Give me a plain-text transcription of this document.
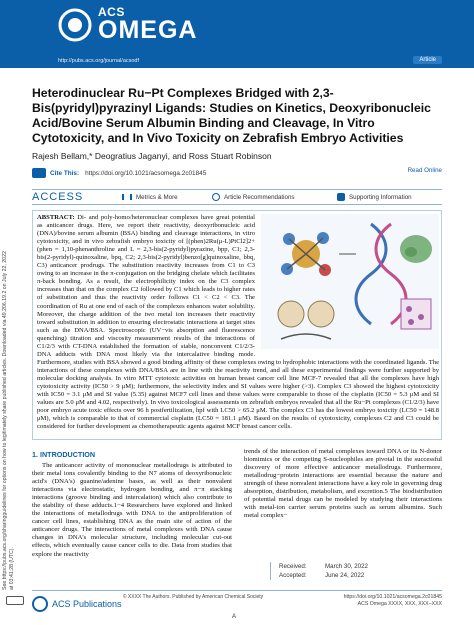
ACS
OMEGA
http://pubs.acs.org/journal/acsodf	Article
See https://pubs.acs.org/sharingguidelines for options on how to legitimately share published articles. Downloaded via 49.206.19.2 on July 22, 2022 at 03:41:28 (UTC).
Heterodinuclear Ru−Pt Complexes Bridged with 2,3-Bis(pyridyl)pyrazinyl Ligands: Studies on Kinetics, Deoxyribonucleic Acid/Bovine Serum Albumin Binding and Cleavage, In Vitro Cytotoxicity, and In Vivo Toxicity on Zebrafish Embryo Activities
Rajesh Bellam,* Deogratius Jaganyi, and Ross Stuart Robinson
Cite This: https://doi.org/10.1021/acsomega.2c01845	Read Online
ACCESS	Metrics & More	Article Recommendations	Supporting Information
ABSTRACT: Di- and poly-homo/heteronuclear complexes have great potential as anticancer drugs. Here, we report their reactivity, deoxyribonucleic acid (DNA)/bovine serum albumin (BSA) binding and cleavage interactions, in vitro cytotoxicity, and in vivo zebrafish embryo toxicity of [(phen)2Ru(μ-L)PtCl2]2+ (phen = 1,10-phenanthroline and L = 2,3-bis(2-pyridyl)pyrazine, bpp, C1; 2,3-bis(2-pyridyl)-quinoxaline, bpq, C2; 2,3-bis(2-pyridyl)benzo[g]quinoxaline, bbq, C3) anticancer prodrugs. The substitution reactivity increases from C1 to C3 owing to an increase in the π-conjugation on the bridging chelate which facilitates π-back bonding. As a result, the electrophilicity index on the C3 complex increases than that on the complex C2 followed by C1 which leads to higher rates of substitution and thus the reactivity order follows C1 < C2 < C3. The coordination of Ru at one end of each of the complexes enhances water solubility. Moreover, the charge addition of the two metal ion increases their reactivity toward substitution in addition to ensuring electrostatic interactions at target sites such as the DNA/BSA. Spectroscopic (UV−vis absorption and fluorescence quenching) titration and viscosity measurement results of the interactions of C1/2/3 with CT-DNA established the formation of stable, nonconvent C1/2/3-DNA adducts with DNA most likely via the intercalative binding mode. Furthermore, studies with BSA showed a good binding affinity of these complexes owing to hydrophobic interactions with the coordinated ligands. The interactions of these complexes with DNA/BSA are in line with the reactivity trend, and all these experimental findings were further supported by molecular docking analysis. In vitro MTT cytotoxic activities on human breast cancer cell line MCF-7 revealed that all the complexes have high cytotoxicity activity (IC50 > 9 μM); furthermore, the selectivity index and SI values were higher (>3). Complex C3 showed the highest cytotoxicity with IC50 = 3.1 μM and SI value (5.35) against MCF7 cell lines and these values were comparable to those of the cisplatin (IC50 = 5.3 μM and SI values are 5.0 μM and 4.02, respectively). In vivo toxicological assessments on zebrafish embryos revealed that all the Ru−Pt complexes (C1/2/3) have poor embryo acute toxic effects over 96 h postfertilization, hpf with LC50 > 65.2 μM. The complex C3 has the lowest embryo toxicity (LC50 = 148.8 μM), which is comparable to that of commercial cisplatin (LC50 = 181.1 μM). Based on the results of cytotoxicity, complexes C2 and C3 could be considered for further development as chemotherapeutic agents against MCF breast cancer cells.
1. INTRODUCTION
The anticancer activity of mononuclear metallodrugs is attributed to their metal ions covalently binding to the N7 atoms of deoxyribonucleic acid's (DNA's) guanine/adenine bases, as well as their nonvalent interactions via electrostatic, hydrogen bonding, and π−π stacking interactions (groove binding and intercalation) which also contribute to the stability of these adducts.1−4 Researchers have explored and linked the interactions of metallodrugs with DNA to the antiproliferation of cancer cell lines, establishing DNA as the main site of action of the anticancer drugs. The interactions of metal complexes with DNA cause changes in DNA's molecular structure, including molecular cut-out effects, which eventually cause cancer cells to die. Data from studies that explore the reactivity
trends of the interaction of metal complexes toward DNA or its N-donor biomimics or the competing S-nucleophiles are pivotal in the successful discovery of more effective anticancer metallodrugs. Furthermore, metallodrug−protein interactions are essential because the nature and strength of these nonvalent interactions have a key role in governing drug absorption, distribution, metabolism, and excretion.5 The biodistribution of potential metal drugs can be modeled by studying their interactions with metal-ion carrier serum proteins such as serum albumins. Such metal complex−
Received:	March 30, 2022
Accepted:	June 24, 2022
ACS Publications
© XXXX The Authors. Published by American Chemical Society
A
https://doi.org/10.1021/acsomega.2c01845
ACS Omega XXXX, XXX, XXX−XXX
